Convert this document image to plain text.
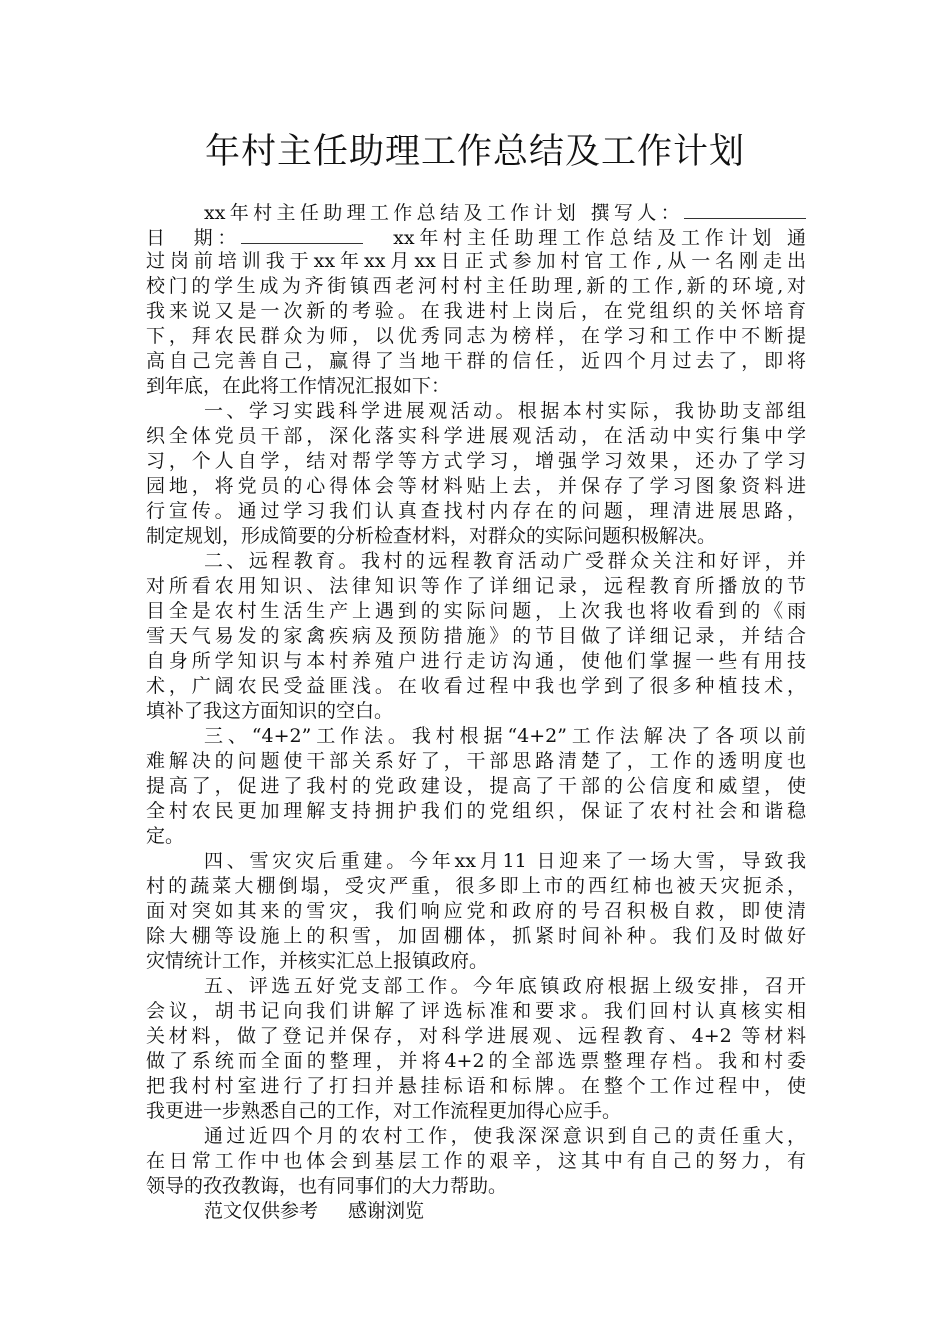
年村主任助理工作总结及工作计划
xx年村主任助理工作总结及工作计划 撰写人：
日　期：	xx年村主任助理工作总结及工作计划 通
过岗前培训我于xx年xx月xx日正式参加村官工作,从一名刚走出
校门的学生成为齐街镇西老河村村主任助理,新的工作,新的环境,对
我来说又是一次新的考验。在我进村上岗后，在党组织的关怀培育
下，拜农民群众为师，以优秀同志为榜样，在学习和工作中不断提
高自己完善自己，赢得了当地干群的信任，近四个月过去了，即将
到年底，在此将工作情况汇报如下：
一、学习实践科学进展观活动。根据本村实际，我协助支部组
织全体党员干部，深化落实科学进展观活动，在活动中实行集中学
习，个人自学，结对帮学等方式学习，增强学习效果，还办了学习
园地，将党员的心得体会等材料贴上去，并保存了学习图象资料进
行宣传。通过学习我们认真查找村内存在的问题，理清进展思路，
制定规划，形成简要的分析检查材料，对群众的实际问题积极解决。
二、远程教育。我村的远程教育活动广受群众关注和好评，并
对所看农用知识、法律知识等作了详细记录，远程教育所播放的节
目全是农村生活生产上遇到的实际问题，上次我也将收看到的《雨
雪天气易发的家禽疾病及预防措施》的节目做了详细记录，并结合
自身所学知识与本村养殖户进行走访沟通，使他们掌握一些有用技
术，广阔农民受益匪浅。在收看过程中我也学到了很多种植技术，
填补了我这方面知识的空白。
三、“4+2”工作法。我村根据“4+2”工作法解决了各项以前
难解决的问题使干部关系好了，干部思路清楚了，工作的透明度也
提高了，促进了我村的党政建设，提高了干部的公信度和威望，使
全村农民更加理解支持拥护我们的党组织，保证了农村社会和谐稳
定。
四、雪灾灾后重建。今年xx月11 日迎来了一场大雪，导致我
村的蔬菜大棚倒塌，受灾严重，很多即上市的西红柿也被天灾扼杀，
面对突如其来的雪灾，我们响应党和政府的号召积极自救，即使清
除大棚等设施上的积雪，加固棚体，抓紧时间补种。我们及时做好
灾情统计工作，并核实汇总上报镇政府。
五、评选五好党支部工作。今年底镇政府根据上级安排，召开
会议，胡书记向我们讲解了评选标准和要求。我们回村认真核实相
关材料，做了登记并保存，对科学进展观、远程教育、4+2 等材料
做了系统而全面的整理，并将4+2的全部选票整理存档。我和村委
把我村村室进行了打扫并悬挂标语和标牌。在整个工作过程中，使
我更进一步熟悉自己的工作，对工作流程更加得心应手。
通过近四个月的农村工作，使我深深意识到自己的责任重大，
在日常工作中也体会到基层工作的艰辛，这其中有自己的努力，有
领导的孜孜教诲，也有同事们的大力帮助。
范文仅供参考 感谢浏览
